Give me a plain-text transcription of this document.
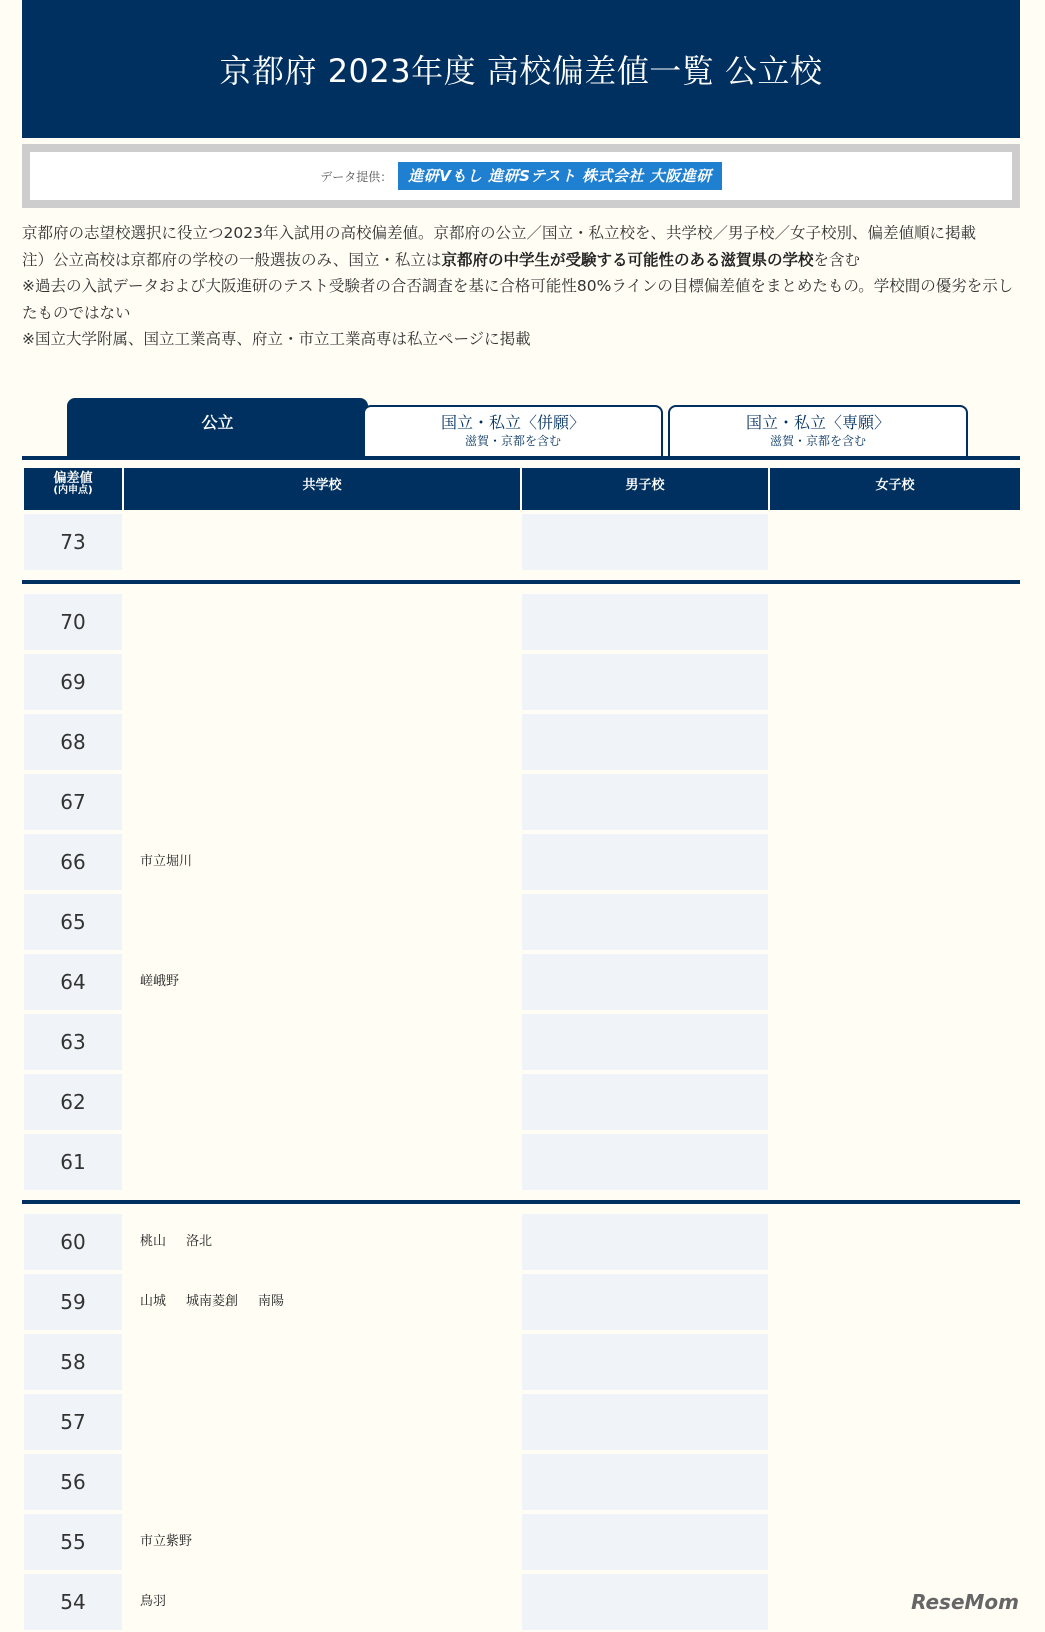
京都府 2023年度 高校偏差値一覧 公立校
データ提供：	進研Vもし 進研Sテスト 株式会社 大阪進研

京都府の志望校選択に役立つ2023年入試用の高校偏差値。京都府の公立／国立・私立校を、共学校／男子校／女子校別、偏差値順に掲載

注）公立高校は京都府の学校の一般選抜のみ、国立・私立は京都府の中学生が受験する可能性のある滋賀県の学校を含む

※過去の入試データおよび大阪進研のテスト受験者の合否調査を基に合格可能性80%ラインの目標偏差値をまとめたもの。学校間の優劣を示したものではない

※国立大学附属、国立工業高専、府立・市立工業高専は私立ページに掲載

公立	国立・私立〈併願〉
滋賀・京都を含む
国立・私立〈専願〉
滋賀・京都を含む
偏差値
(内申点)	共学校	男子校	女子校
73
70
69
68
67
66	市立堀川
65
64	嵯峨野
63
62
61
60	桃山 洛北
59	山城 城南菱創 南陽
58
57
56
55	市立紫野
54	鳥羽	ReseMom
